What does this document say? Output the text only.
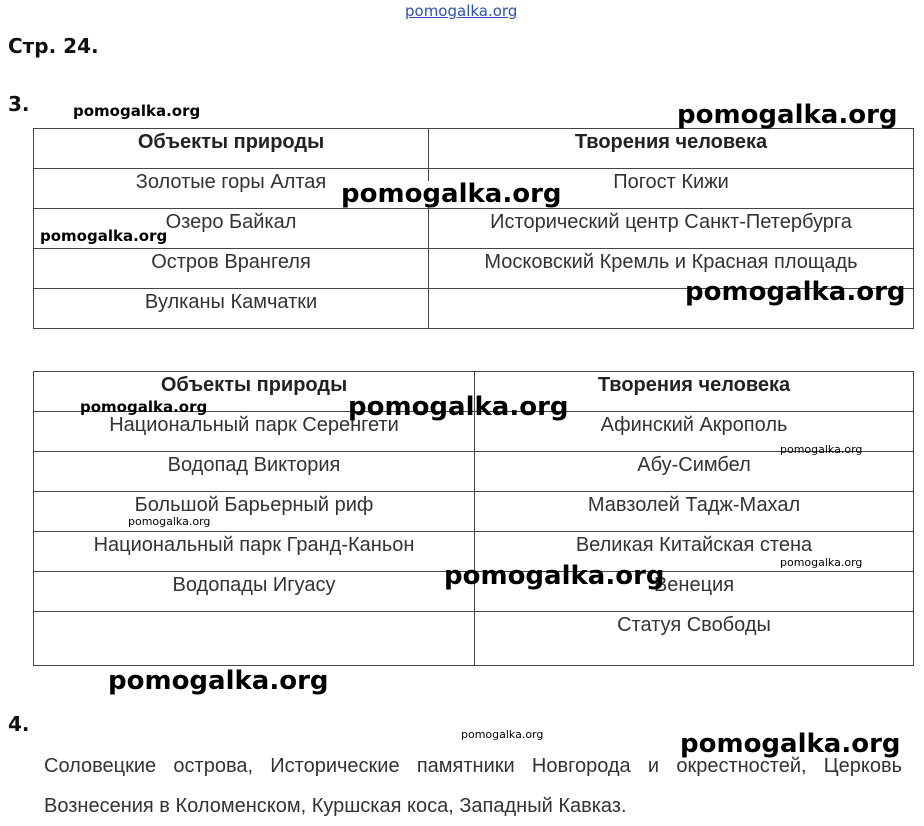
pomogalka.org
Стр. 24.
3.
Объекты природы	Творения человека
Золотые горы Алтая	Погост Кижи
Озеро Байкал	Исторический центр Санкт-Петербурга
Остров Врангеля	Московский Кремль и Красная площадь
Вулканы Камчатки	
Объекты природы	Творения человека
Национальный парк Серенгети	Афинский Акрополь
Водопад Виктория	Абу-Симбел
Большой Барьерный риф	Мавзолей Тадж-Махал
Национальный парк Гранд-Каньон	Великая Китайская стена
Водопады Игуасу	Венеция
	Статуя Свободы
4.
Соловецкие острова, Исторические памятники Новгорода и окрестностей, Церковь Вознесения в Коломенском, Куршская коса, Западный Кавказ.
pomogalka.org	pomogalka.org
pomogalka.org
pomogalka.org
pomogalka.org
pomogalka.org
pomogalka.org
pomogalka.org
pomogalka.org
pomogalka.org
pomogalka.org
pomogalka.org
pomogalka.org	pomogalka.org
